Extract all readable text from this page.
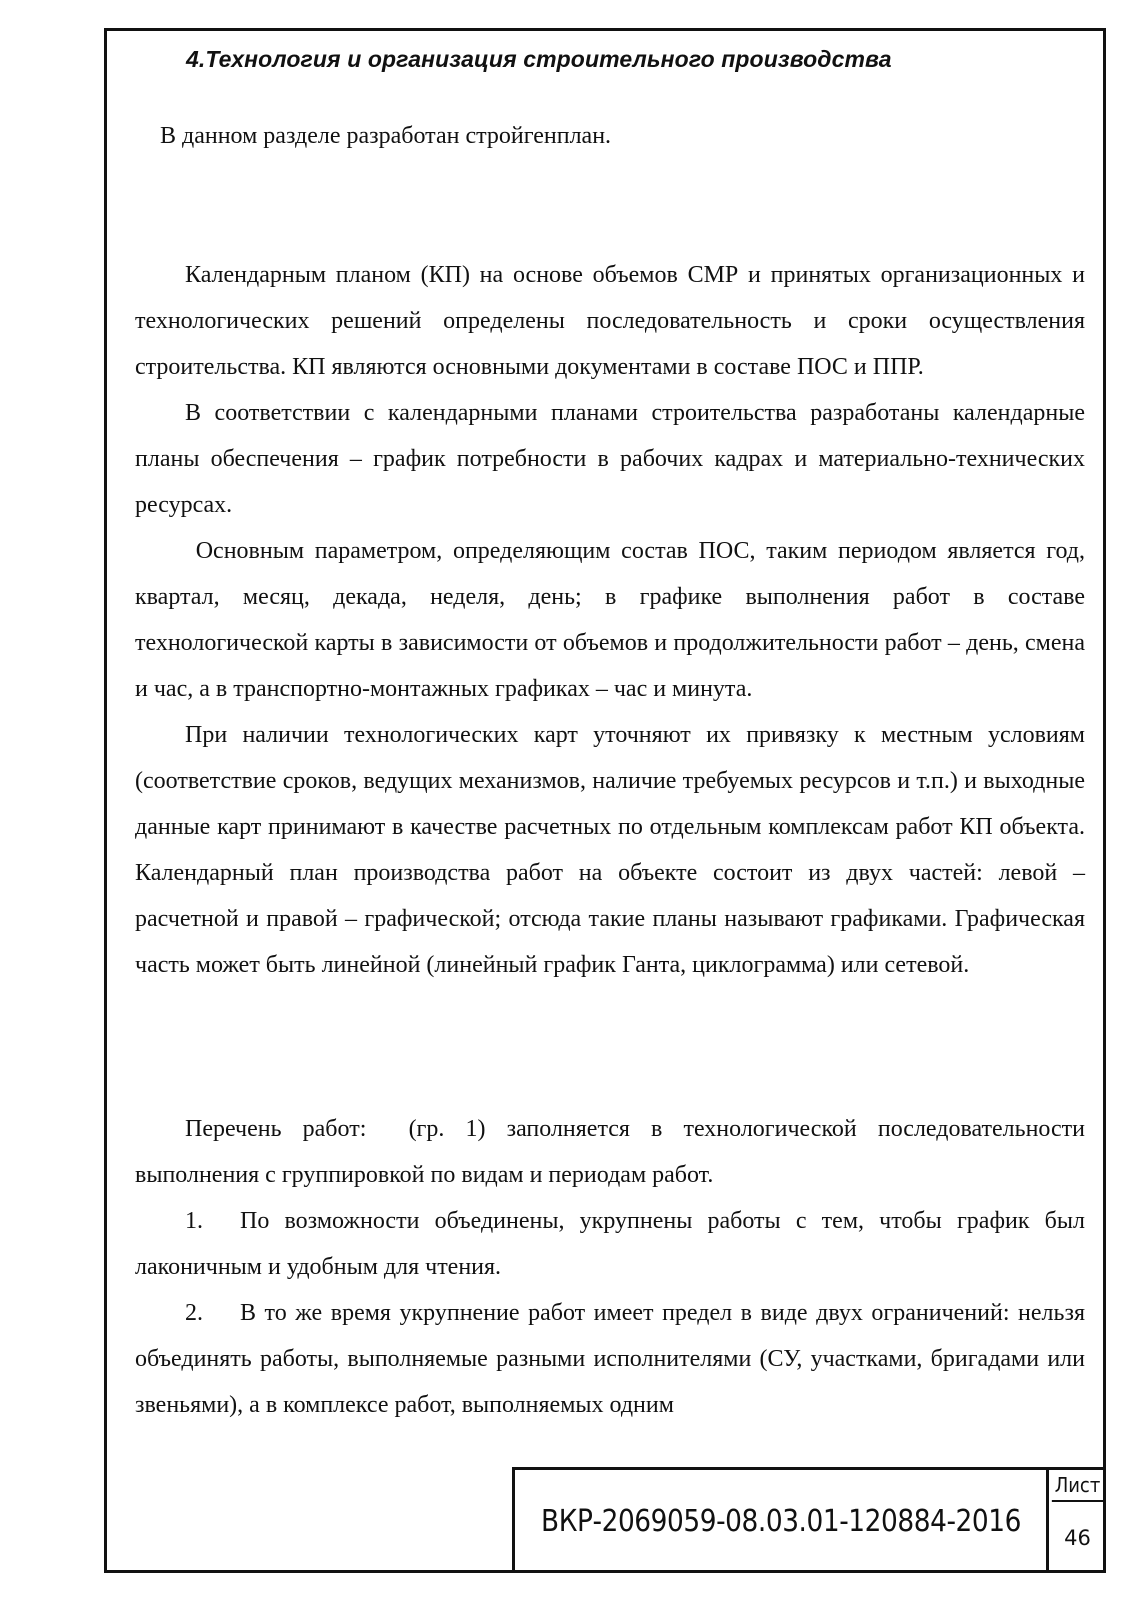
4.Технология и организация строительного производства
В данном разделе разработан стройгенплан.

Календарным планом (КП) на основе объемов СМР и принятых организационных и технологических решений определены последовательность и сроки осуществления строительства. КП являются основными документами в составе ПОС и ППР.

В соответствии с календарными планами строительства разработаны календарные планы обеспечения – график потребности в рабочих кадрах и материально-технических ресурсах.

Основным параметром, определяющим состав ПОС, таким периодом является год, квартал, месяц, декада, неделя, день; в графике выполнения работ в составе технологической карты в зависимости от объемов и продолжительности работ – день, смена и час, а в транспортно-монтажных графиках – час и минута.

При наличии технологических карт уточняют их привязку к местным условиям (соответствие сроков, ведущих механизмов, наличие требуемых ресурсов и т.п.) и выходные данные карт принимают в качестве расчетных по отдельным комплексам работ КП объекта. Календарный план производства работ на объекте состоит из двух частей: левой – расчетной и правой – графической; отсюда такие планы называют графиками. Графическая часть может быть линейной (линейный график Ганта, циклограмма) или сетевой.

Перечень работ:  (гр. 1) заполняется в технологической последовательности выполнения с группировкой по видам и периодам работ.

1. По возможности объединены, укрупнены работы с тем, чтобы график был лаконичным и удобным для чтения.

2. В то же время укрупнение работ имеет предел в виде двух ограничений: нельзя объединять работы, выполняемые разными исполнителями (СУ, участками, бригадами или звеньями), а в комплексе работ, выполняемых одним

ВКР-2069059-08.03.01-120884-2016
Лист
46
